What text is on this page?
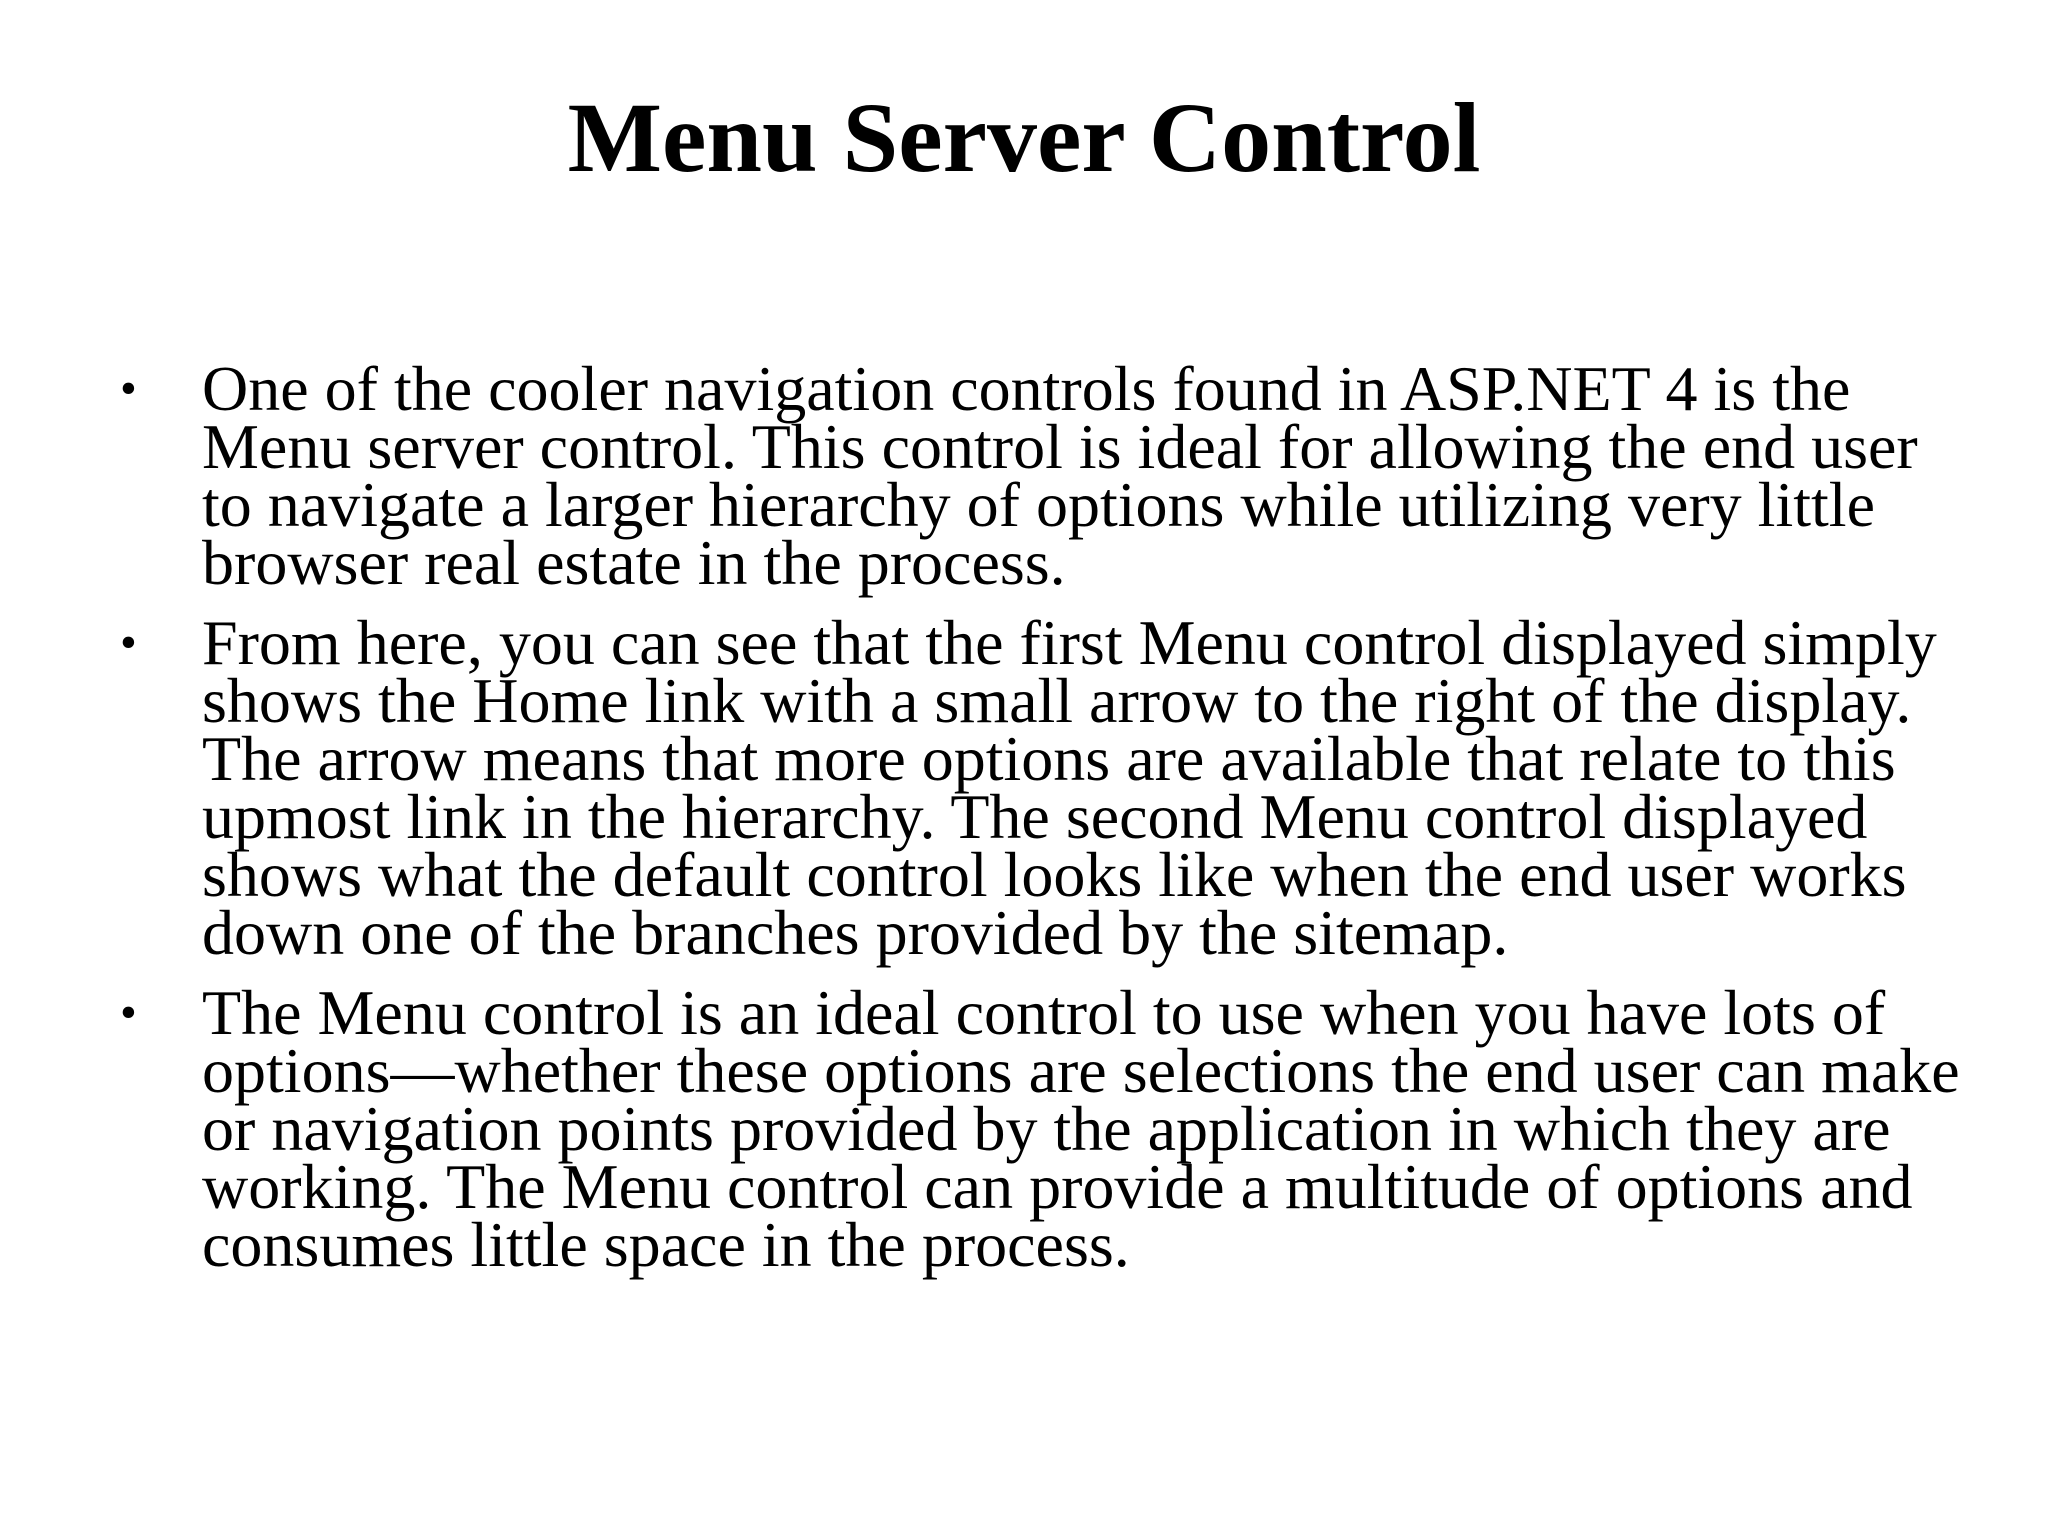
Menu Server Control
• One of the cooler navigation controls found in ASP.NET 4 is the Menu server control. This control is ideal for allowing the end user to navigate a larger hierarchy of options while utilizing very little browser real estate in the process.
• From here, you can see that the first Menu control displayed simply shows the Home link with a small arrow to the right of the display. The arrow means that more options are available that relate to this upmost link in the hierarchy. The second Menu control displayed shows what the default control looks like when the end user works down one of the branches provided by the sitemap.
• The Menu control is an ideal control to use when you have lots of options—whether these options are selections the end user can make or navigation points provided by the application in which they are working. The Menu control can provide a multitude of options and consumes little space in the process.
